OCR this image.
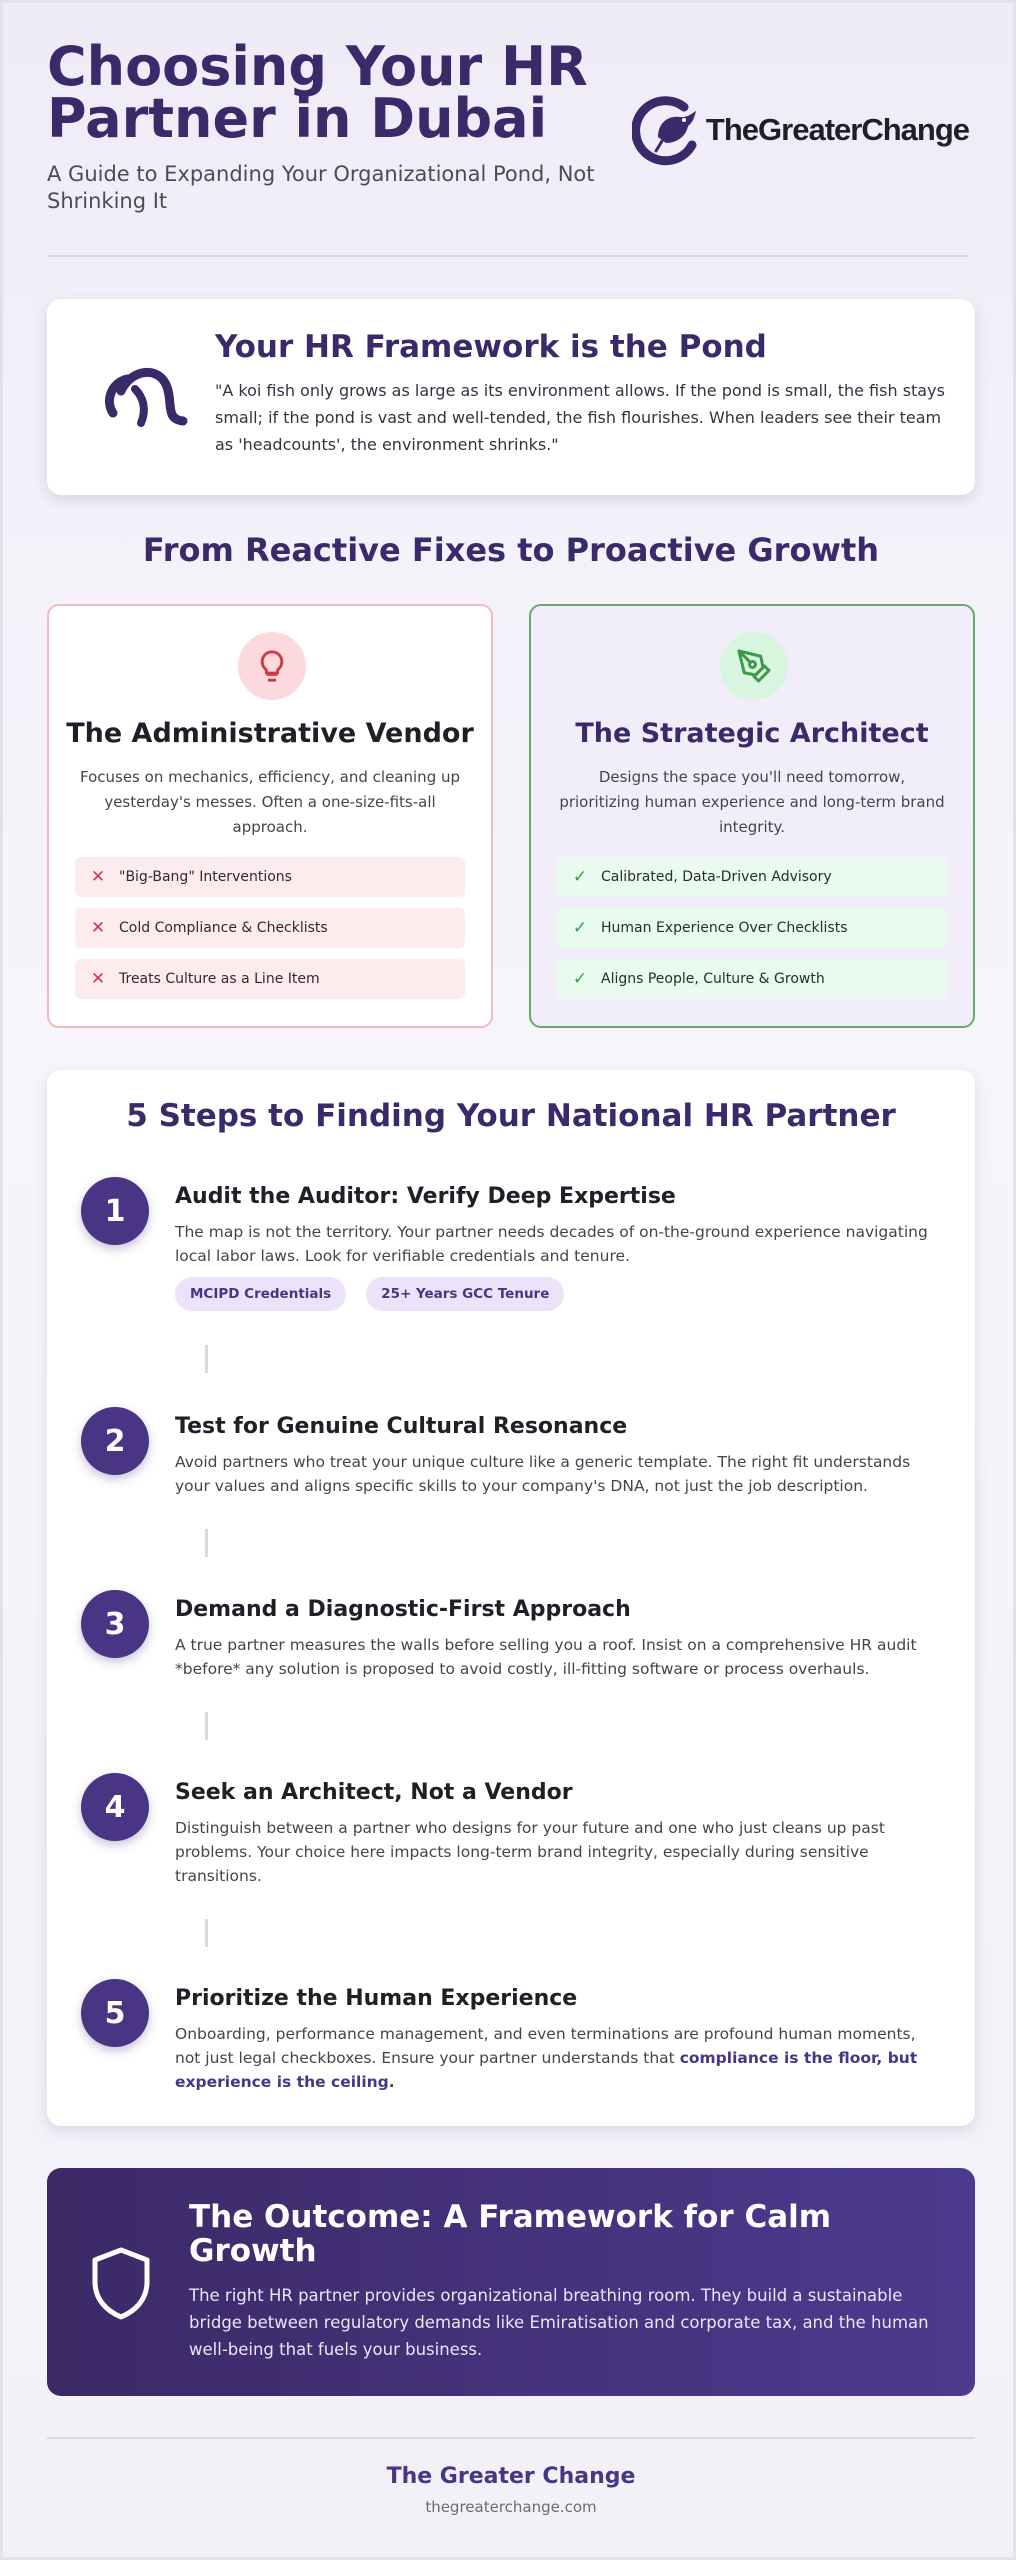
Choosing Your HR Partner in Dubai

A Guide to Expanding Your Organizational Pond, Not Shrinking It

TheGreaterChange
Your HR Framework is the Pond

"A koi fish only grows as large as its environment allows. If the pond is small, the fish stays small; if the pond is vast and well-tended, the fish flourishes. When leaders see their team as 'headcounts', the environment shrinks."

From Reactive Fixes to Proactive Growth
The Administrative Vendor

Focuses on mechanics, efficiency, and cleaning up yesterday's messes. Often a one-size-fits-all approach.

✕ "Big-Bang" Interventions
✕ Cold Compliance & Checklists
✕ Treats Culture as a Line Item
The Strategic Architect

Designs the space you'll need tomorrow, prioritizing human experience and long-term brand integrity.

✓ Calibrated, Data-Driven Advisory
✓ Human Experience Over Checklists
✓ Aligns People, Culture & Growth
5 Steps to Finding Your National HR Partner
1	Audit the Auditor: Verify Deep Expertise

The map is not the territory. Your partner needs decades of on-the-ground experience navigating local labor laws. Look for verifiable credentials and tenure.

MCIPD Credentials	25+ Years GCC Tenure
2	Test for Genuine Cultural Resonance

Avoid partners who treat your unique culture like a generic template. The right fit understands your values and aligns specific skills to your company's DNA, not just the job description.

3	Demand a Diagnostic-First Approach

A true partner measures the walls before selling you a roof. Insist on a comprehensive HR audit *before* any solution is proposed to avoid costly, ill-fitting software or process overhauls.

4	Seek an Architect, Not a Vendor

Distinguish between a partner who designs for your future and one who just cleans up past problems. Your choice here impacts long-term brand integrity, especially during sensitive transitions.

5	Prioritize the Human Experience

Onboarding, performance management, and even terminations are profound human moments, not just legal checkboxes. Ensure your partner understands that compliance is the floor, but experience is the ceiling.

The Outcome: A Framework for Calm Growth

The right HR partner provides organizational breathing room. They build a sustainable bridge between regulatory demands like Emiratisation and corporate tax, and the human well-being that fuels your business.

The Greater Change
thegreaterchange.com
